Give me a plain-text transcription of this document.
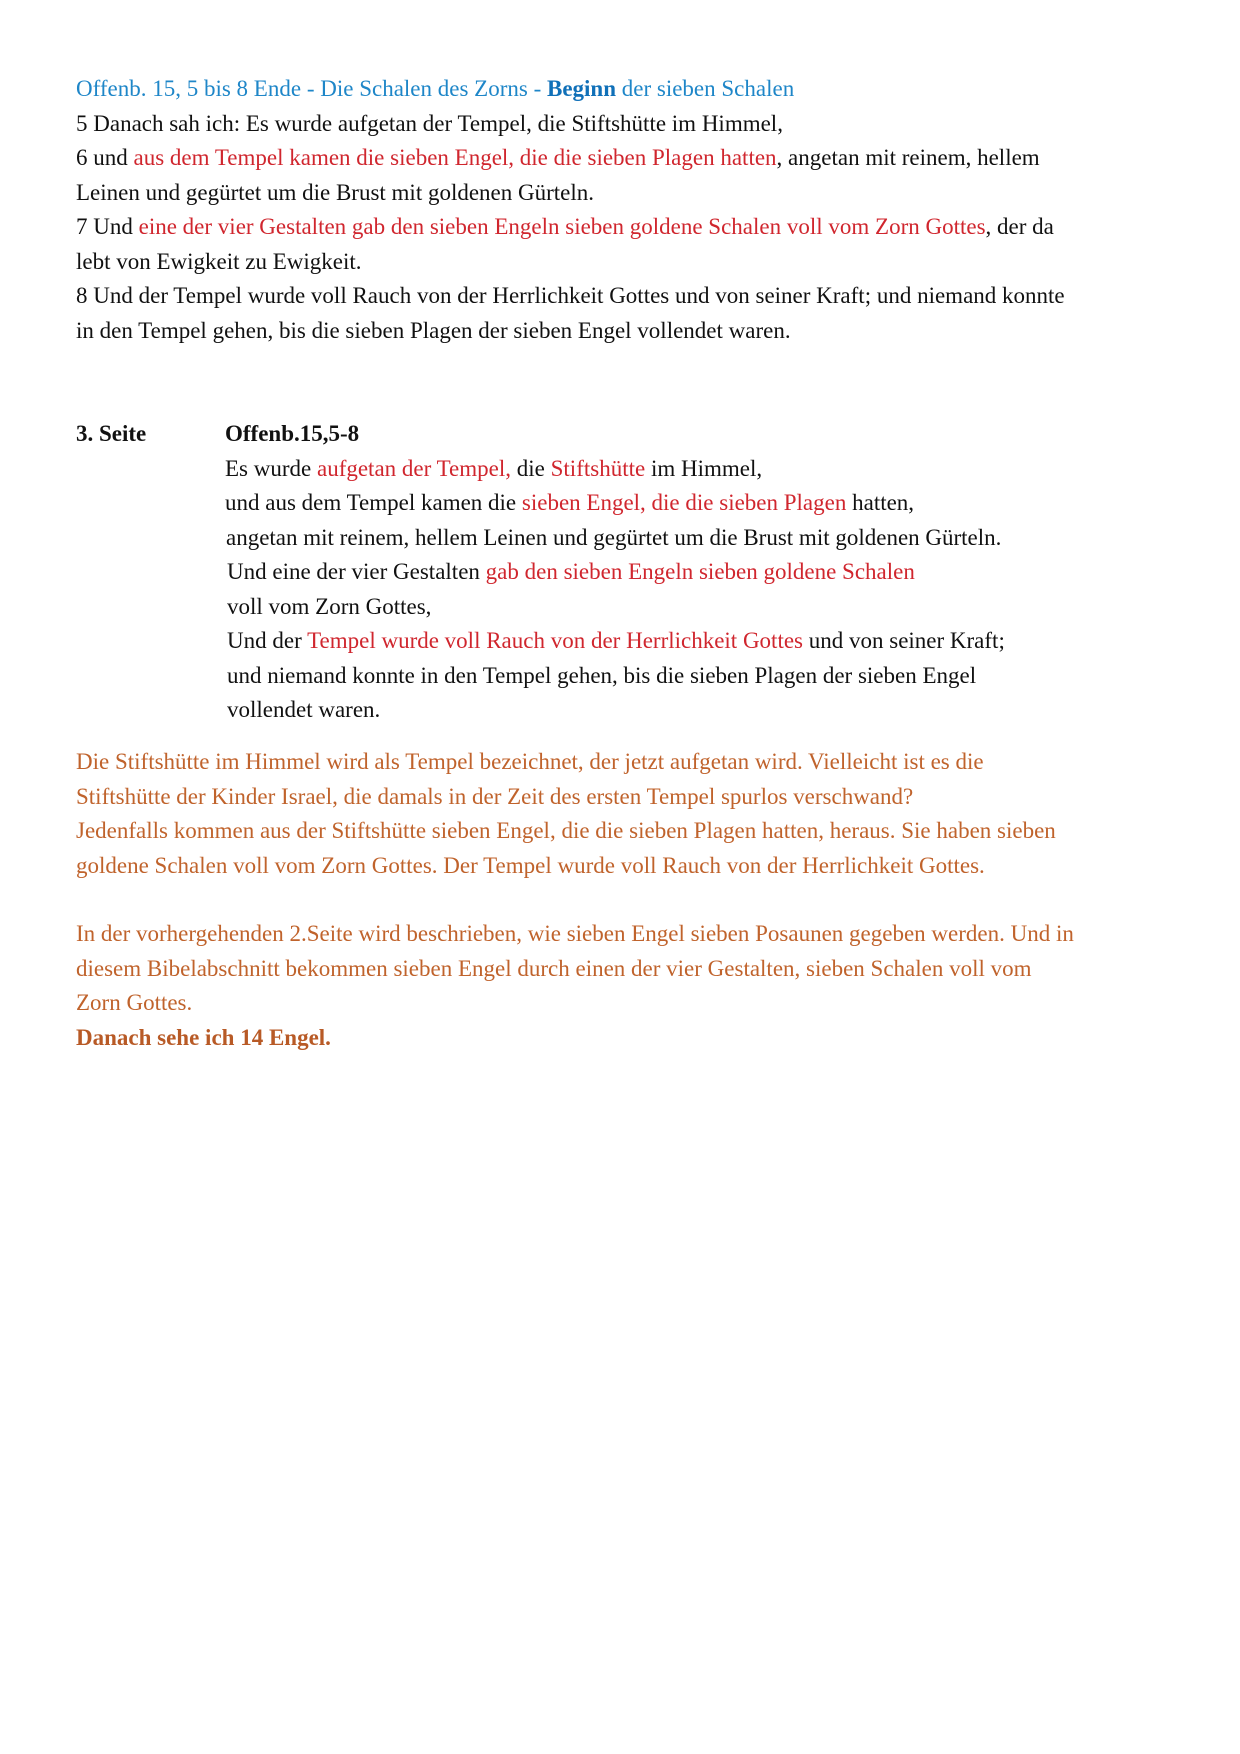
Offenb. 15, 5 bis 8 Ende - Die Schalen des Zorns - Beginn der sieben Schalen
5 Danach sah ich: Es wurde aufgetan der Tempel, die Stiftshütte im Himmel,
6 und aus dem Tempel kamen die sieben Engel, die die sieben Plagen hatten, angetan mit reinem, hellem
Leinen und gegürtet um die Brust mit goldenen Gürteln.
7 Und eine der vier Gestalten gab den sieben Engeln sieben goldene Schalen voll vom Zorn Gottes, der da
lebt von Ewigkeit zu Ewigkeit.
8 Und der Tempel wurde voll Rauch von der Herrlichkeit Gottes und von seiner Kraft; und niemand konnte
in den Tempel gehen, bis die sieben Plagen der sieben Engel vollendet waren.
3. Seite	Offenb.15,5-8
Es wurde aufgetan der Tempel, die Stiftshütte im Himmel,
und aus dem Tempel kamen die sieben Engel, die die sieben Plagen hatten,
angetan mit reinem, hellem Leinen und gegürtet um die Brust mit goldenen Gürteln.
Und eine der vier Gestalten gab den sieben Engeln sieben goldene Schalen
voll vom Zorn Gottes,
Und der Tempel wurde voll Rauch von der Herrlichkeit Gottes und von seiner Kraft;
und niemand konnte in den Tempel gehen, bis die sieben Plagen der sieben Engel
vollendet waren.
Die Stiftshütte im Himmel wird als Tempel bezeichnet, der jetzt aufgetan wird. Vielleicht ist es die
Stiftshütte der Kinder Israel, die damals in der Zeit des ersten Tempel spurlos verschwand?
Jedenfalls kommen aus der Stiftshütte sieben Engel, die die sieben Plagen hatten, heraus. Sie haben sieben
goldene Schalen voll vom Zorn Gottes. Der Tempel wurde voll Rauch von der Herrlichkeit Gottes.
In der vorhergehenden 2.Seite wird beschrieben, wie sieben Engel sieben Posaunen gegeben werden. Und in
diesem Bibelabschnitt bekommen sieben Engel durch einen der vier Gestalten, sieben Schalen voll vom
Zorn Gottes.
Danach sehe ich 14 Engel.
